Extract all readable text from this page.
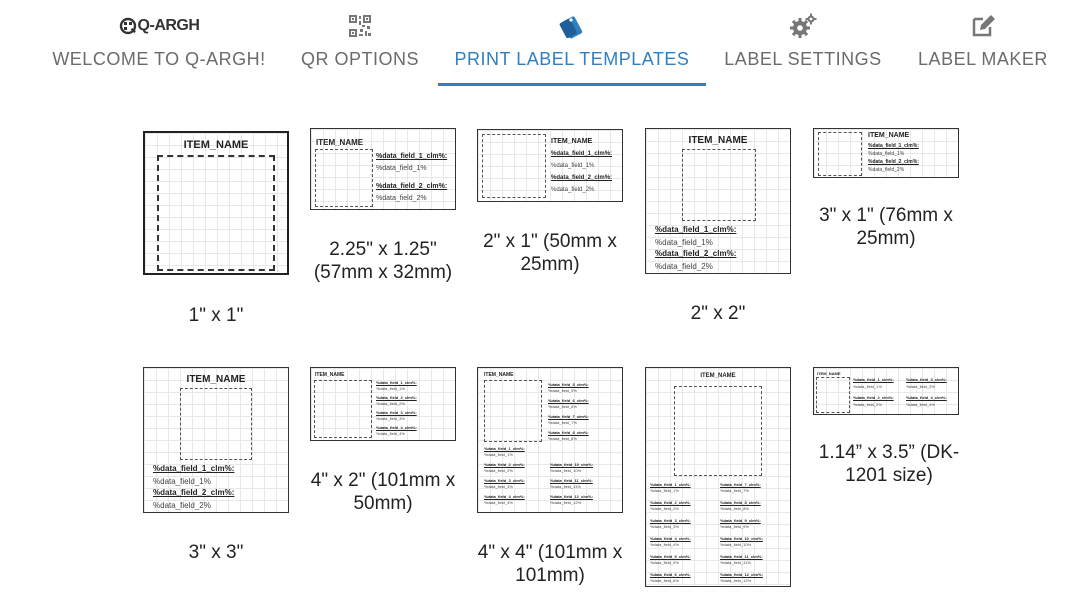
Q-ARGH
WELCOME TO Q-ARGH!	QR OPTIONS	PRINT LABEL TEMPLATES	LABEL SETTINGS	LABEL MAKER
ITEM_NAME
1" x 1"
ITEM_NAME
%data_field_1_clm%:
%data_field_1%
%data_field_2_clm%:
%data_field_2%
2.25" x 1.25" (57mm x 32mm)
ITEM_NAME
%data_field_1_clm%:
%data_field_1%
%data_field_2_clm%:
%data_field_2%
2" x 1" (50mm x 25mm)
ITEM_NAME
%data_field_1_clm%:
%data_field_1%
%data_field_2_clm%:
%data_field_2%
2" x 2"
ITEM_NAME
%data_field_1_clm%:
%data_field_1%
%data_field_2_clm%:
%data_field_2%
3" x 1" (76mm x 25mm)
ITEM_NAME
%data_field_1_clm%:
%data_field_1%
%data_field_2_clm%:
%data_field_2%
3" x 3"
ITEM_NAME
%data_field_1_clm%:
%data_field_1%
%data_field_2_clm%:
%data_field_2%
%data_field_3_clm%:
%data_field_3%
%data_field_4_clm%:
%data_field_4%
4" x 2" (101mm x 50mm)
ITEM_NAME
%data_field_5_clm%:
%data_field_5%
%data_field_6_clm%:
%data_field_6%
%data_field_7_clm%:
%data_field_7%
%data_field_8_clm%:
%data_field_8%
%data_field_1_clm%:
%data_field_1%
%data_field_2_clm%:
%data_field_2%
%data_field_3_clm%:
%data_field_3%
%data_field_4_clm%:
%data_field_4%
%data_field_10_clm%:
%data_field_10%
%data_field_11_clm%:
%data_field_11%
%data_field_12_clm%:
%data_field_12%
4" x 4" (101mm x 101mm)
ITEM_NAME
%data_field_1_clm%:
%data_field_1%
%data_field_2_clm%:
%data_field_2%
%data_field_3_clm%:
%data_field_3%
%data_field_4_clm%:
%data_field_4%
%data_field_5_clm%:
%data_field_5%
%data_field_6_clm%:
%data_field_6%
%data_field_7_clm%:
%data_field_7%
%data_field_8_clm%:
%data_field_8%
%data_field_9_clm%:
%data_field_9%
%data_field_10_clm%:
%data_field_10%
%data_field_11_clm%:
%data_field_11%
%data_field_12_clm%:
%data_field_12%
ITEM_NAME
%data_field_1_clm%:
%data_field_1%
%data_field_2_clm%:
%data_field_2%
%data_field_3_clm%:
%data_field_3%
%data_field_4_clm%:
%data_field_4%
1.14” x 3.5” (DK-1201 size)
